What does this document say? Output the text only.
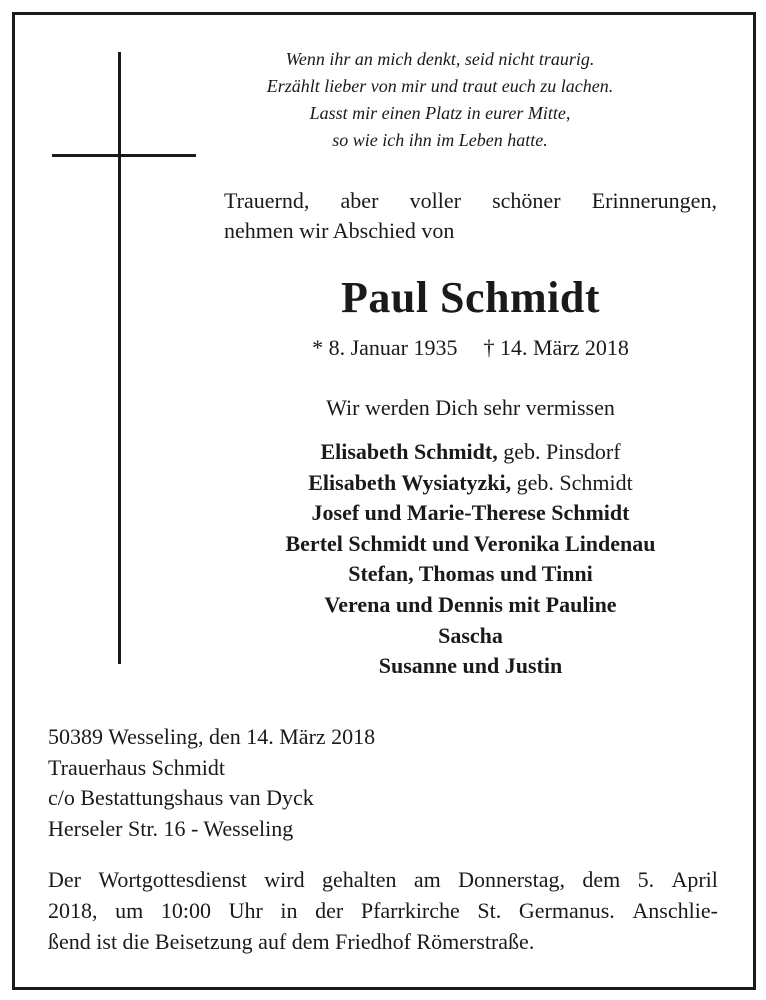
Wenn ihr an mich denkt, seid nicht traurig.
Erzählt lieber von mir und traut euch zu lachen.
Lasst mir einen Platz in eurer Mitte,
so wie ich ihn im Leben hatte.
Trauernd, aber voller schöner Erinnerungen,
nehmen wir Abschied von
Paul Schmidt
* 8. Januar 1935 † 14. März 2018
Wir werden Dich sehr vermissen
Elisabeth Schmidt, geb. Pinsdorf
Elisabeth Wysiatyzki, geb. Schmidt
Josef und Marie-Therese Schmidt
Bertel Schmidt und Veronika Lindenau
Stefan, Thomas und Tinni
Verena und Dennis mit Pauline
Sascha
Susanne und Justin
50389 Wesseling, den 14. März 2018
Trauerhaus Schmidt
c/o Bestattungshaus van Dyck
Herseler Str. 16 - Wesseling
Der Wortgottesdienst wird gehalten am Donnerstag, dem 5. April
2018, um 10:00 Uhr in der Pfarrkirche St. Germanus. Anschlie-
ßend ist die Beisetzung auf dem Friedhof Römerstraße.
